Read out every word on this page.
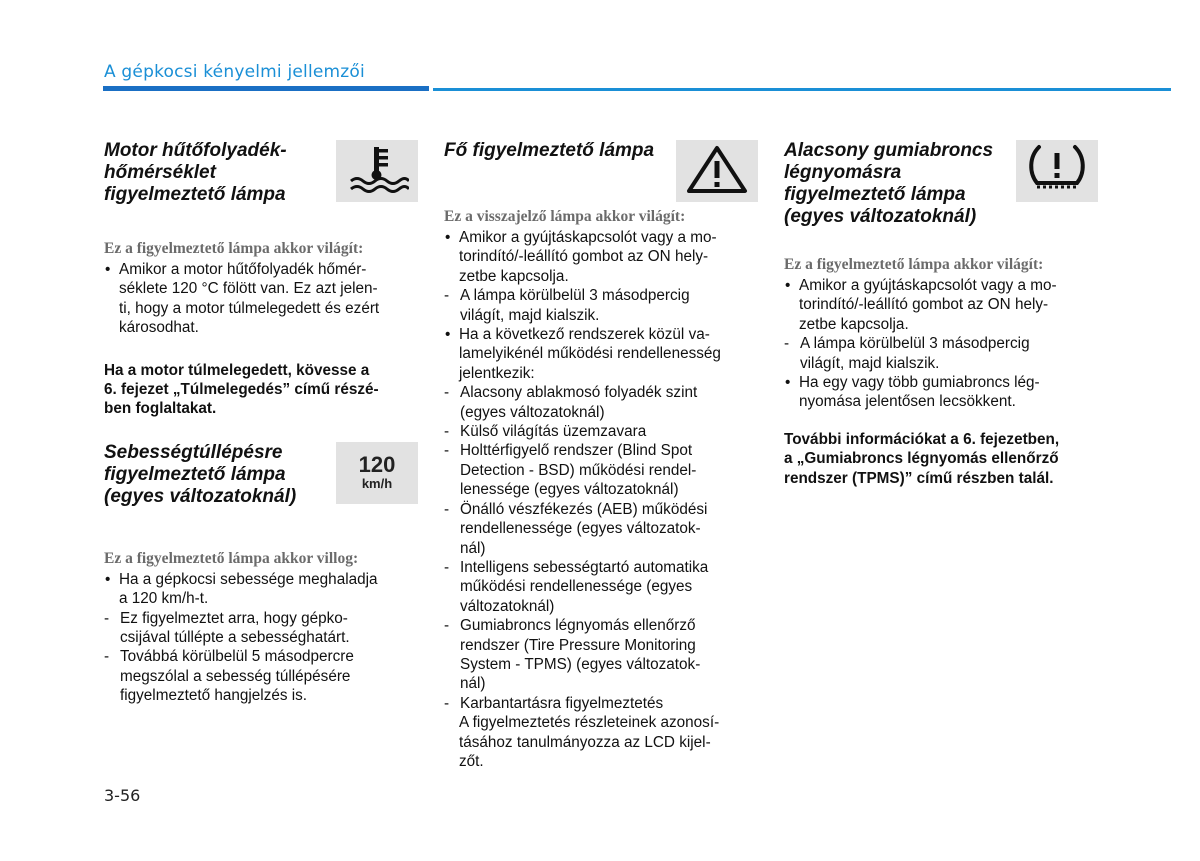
A gépkocsi kényelmi jellemzői

Motor hűtőfolyadék-
hőmérséklet
figyelmeztető lámpa

Ez a figyelmeztető lámpa akkor világít:
• Amikor a motor hűtőfolyadék hőmér-
séklete 120 °C fölött van. Ez azt jelen-
ti, hogy a motor túlmelegedett és ezért
károsodhat.
Ha a motor túlmelegedett, kövesse a
6. fejezet „Túlmelegedés” című részé-
ben foglaltakat.

Sebességtúllépésre
figyelmeztető lámpa
(egyes változatoknál)

120
km/h
Ez a figyelmeztető lámpa akkor villog:
• Ha a gépkocsi sebessége meghaladja
a 120 km/h-t.
- Ez figyelmeztet arra, hogy gépko-
csijával túllépte a sebességhatárt.
- Továbbá körülbelül 5 másodpercre
megszólal a sebesség túllépésére
figyelmeztető hangjelzés is.

Fő figyelmeztető lámpa

Ez a visszajelző lámpa akkor világít:
• Amikor a gyújtáskapcsolót vagy a mo-
torindító/-leállító gombot az ON hely-
zetbe kapcsolja.
- A lámpa körülbelül 3 másodpercig
világít, majd kialszik.
• Ha a következő rendszerek közül va-
lamelyikénél működési rendellenesség
jelentkezik:
- Alacsony ablakmosó folyadék szint
(egyes változatoknál)
- Külső világítás üzemzavara
- Holttérfigyelő rendszer (Blind Spot
Detection - BSD) működési rendel-
lenessége (egyes változatoknál)
- Önálló vészfékezés (AEB) működési
rendellenessége (egyes változatok-
nál)
- Intelligens sebességtartó automatika
működési rendellenessége (egyes
változatoknál)
- Gumiabroncs légnyomás ellenőrző
rendszer (Tire Pressure Monitoring
System - TPMS) (egyes változatok-
nál)
- Karbantartásra figyelmeztetés
A figyelmeztetés részleteinek azonosí-
tásához tanulmányozza az LCD kijel-
zőt.

Alacsony gumiabroncs
légnyomásra
figyelmeztető lámpa
(egyes változatoknál)

Ez a figyelmeztető lámpa akkor világít:
• Amikor a gyújtáskapcsolót vagy a mo-
torindító/-leállító gombot az ON hely-
zetbe kapcsolja.
- A lámpa körülbelül 3 másodpercig
világít, majd kialszik.
• Ha egy vagy több gumiabroncs lég-
nyomása jelentősen lecsökkent.
További információkat a 6. fejezetben,
a „Gumiabroncs légnyomás ellenőrző
rendszer (TPMS)” című részben talál.
3-56
